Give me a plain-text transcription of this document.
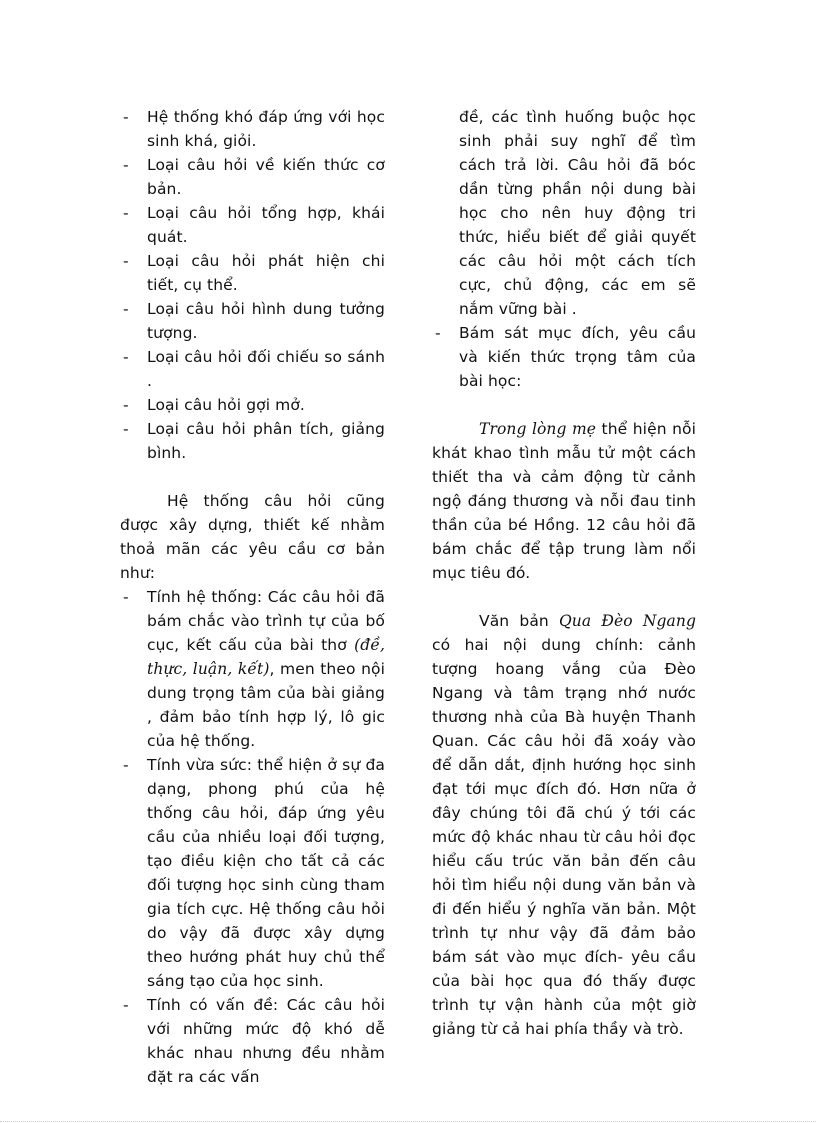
- Hệ thống khó đáp ứng với học sinh khá, giỏi.
- Loại câu hỏi về kiến thức cơ bản.
- Loại câu hỏi tổng hợp, khái quát.
- Loại câu hỏi phát hiện chi tiết, cụ thể.
- Loại câu hỏi hình dung tưởng tượng.
- Loại câu hỏi đối chiếu so sánh .
- Loại câu hỏi gợi mở.
- Loại câu hỏi phân tích, giảng bình.

Hệ thống câu hỏi cũng được xây dựng, thiết kế nhằm thoả mãn các yêu cầu cơ bản như:

- Tính hệ thống: Các câu hỏi đã bám chắc vào trình tự của bố cục, kết cấu của bài thơ (đề, thực, luận, kết), men theo nội dung trọng tâm của bài giảng , đảm bảo tính hợp lý, lô gic của hệ thống.
- Tính vừa sức: thể hiện ở sự đa dạng, phong phú của hệ thống câu hỏi, đáp ứng yêu cầu của nhiều loại đối tượng, tạo điều kiện cho tất cả các đối tượng học sinh cùng tham gia tích cực. Hệ thống câu hỏi do vậy đã được xây dựng theo hướng phát huy chủ thể sáng tạo của học sinh.
- Tính có vấn đề: Các câu hỏi với những mức độ khó dễ khác nhau nhưng đều nhằm đặt ra các vấn

đề, các tình huống buộc học sinh phải suy nghĩ để tìm cách trả lời. Câu hỏi đã bóc dần từng phần nội dung bài học cho nên huy động tri thức, hiểu biết để giải quyết các câu hỏi một cách tích cực, chủ động, các em sẽ nắm vững bài .

- Bám sát mục đích, yêu cầu và kiến thức trọng tâm của bài học:

Trong lòng mẹ thể hiện nỗi khát khao tình mẫu tử một cách thiết tha và cảm động từ cảnh ngộ đáng thương và nỗi đau tinh thần của bé Hồng. 12 câu hỏi đã bám chắc để tập trung làm nổi mục tiêu đó.

Văn bản Qua Đèo Ngang có hai nội dung chính: cảnh tượng hoang vắng của Đèo Ngang và tâm trạng nhớ nước thương nhà của Bà huyện Thanh Quan. Các câu hỏi đã xoáy vào để dẫn dắt, định hướng học sinh đạt tới mục đích đó. Hơn nữa ở đây chúng tôi đã chú ý tới các mức độ khác nhau từ câu hỏi đọc hiểu cấu trúc văn bản đến câu hỏi tìm hiểu nội dung văn bản và đi đến hiểu ý nghĩa văn bản. Một trình tự như vậy đã đảm bảo bám sát vào mục đích- yêu cầu của bài học qua đó thấy được trình tự vận hành của một giờ giảng từ cả hai phía thầy và trò.
